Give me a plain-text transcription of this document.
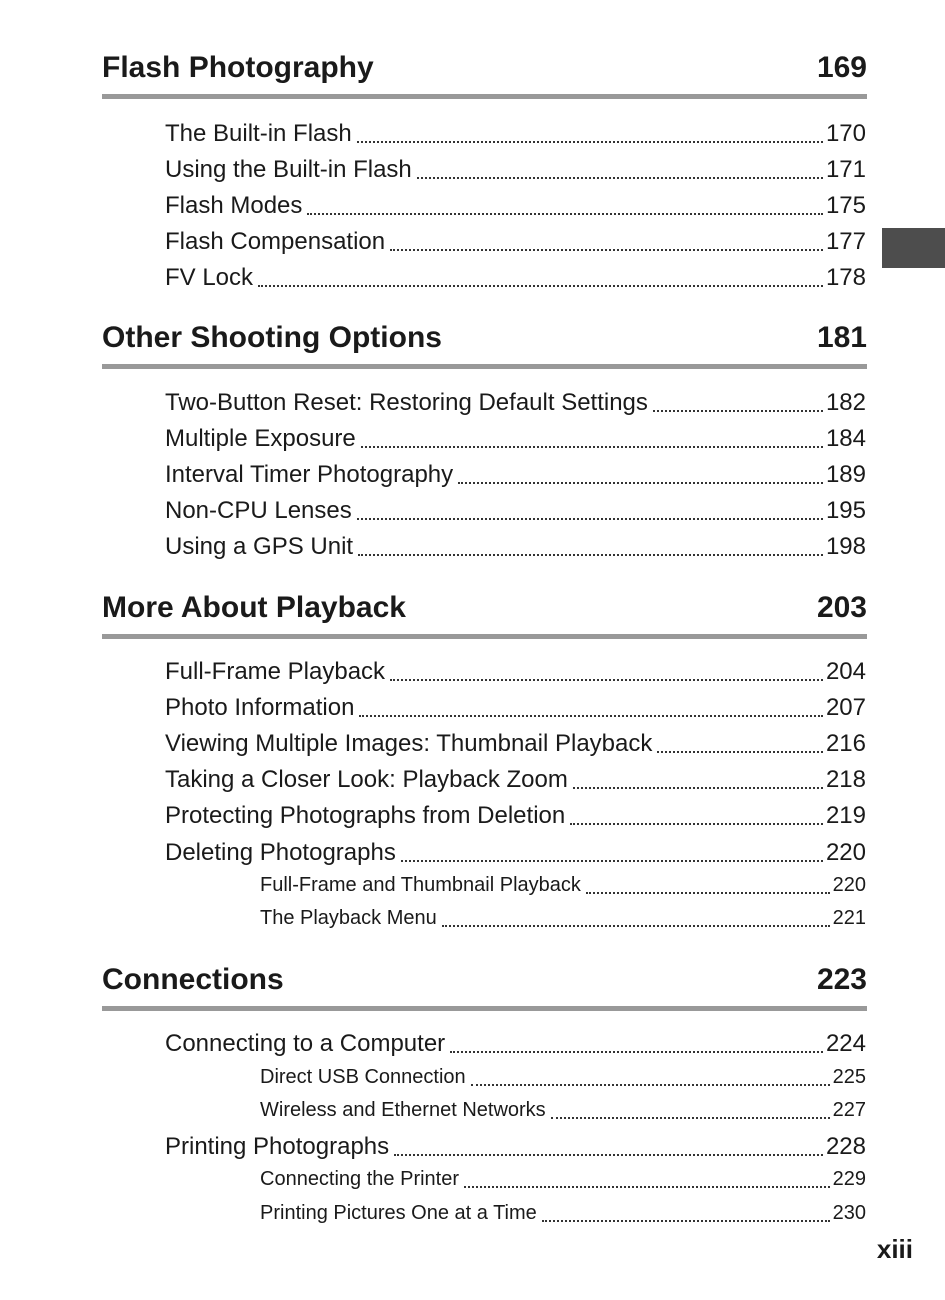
Flash Photography	169
The Built-in Flash	170
Using the Built-in Flash	171
Flash Modes	175
Flash Compensation	177
FV Lock	178
Other Shooting Options	181
Two-Button Reset: Restoring Default Settings	182
Multiple Exposure	184
Interval Timer Photography	189
Non-CPU Lenses	195
Using a GPS Unit	198
More About Playback	203
Full-Frame Playback	204
Photo Information	207
Viewing Multiple Images: Thumbnail Playback	216
Taking a Closer Look: Playback Zoom	218
Protecting Photographs from Deletion	219
Deleting Photographs	220
Full-Frame and Thumbnail Playback	220
The Playback Menu	221
Connections	223
Connecting to a Computer	224
Direct USB Connection	225
Wireless and Ethernet Networks	227
Printing Photographs	228
Connecting the Printer	229
Printing Pictures One at a Time	230
xiii
